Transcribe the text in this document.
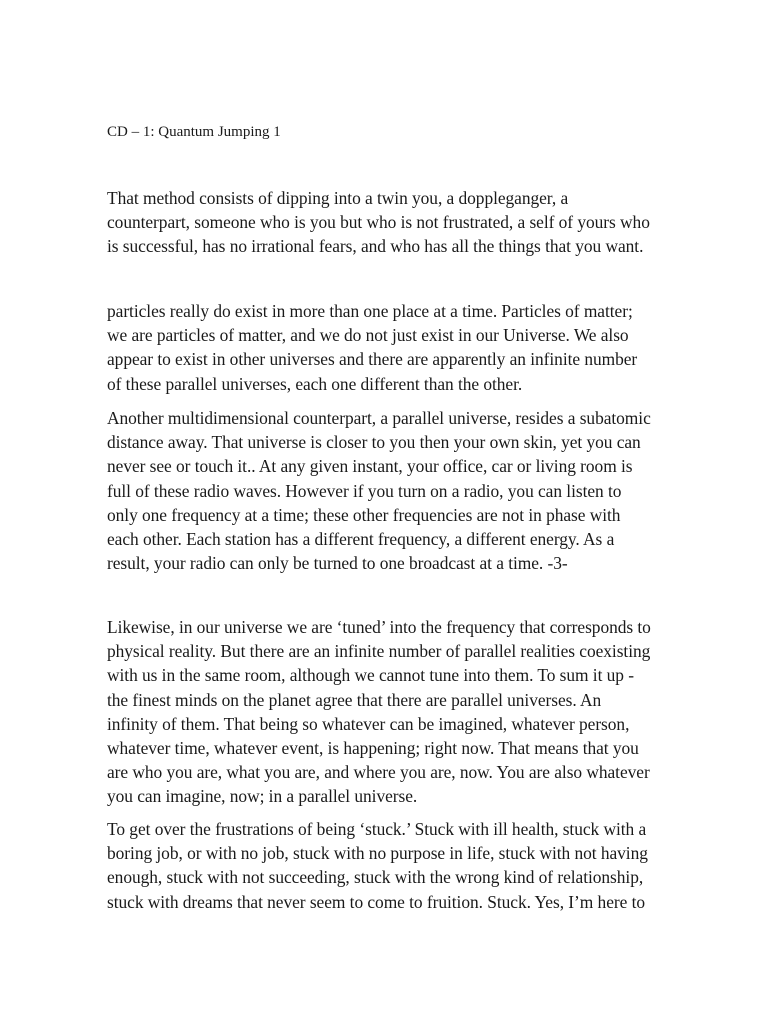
CD – 1: Quantum Jumping 1

That method consists of dipping into a twin you, a doppleganger, a
counterpart, someone who is you but who is not frustrated, a self of yours who
is successful, has no irrational fears, and who has all the things that you want.

particles really do exist in more than one place at a time. Particles of matter;
we are particles of matter, and we do not just exist in our Universe. We also
appear to exist in other universes and there are apparently an infinite number
of these parallel universes, each one different than the other.

Another multidimensional counterpart, a parallel universe, resides a subatomic
distance away. That universe is closer to you then your own skin, yet you can
never see or touch it.. At any given instant, your office, car or living room is
full of these radio waves. However if you turn on a radio, you can listen to
only one frequency at a time; these other frequencies are not in phase with
each other. Each station has a different frequency, a different energy. As a
result, your radio can only be turned to one broadcast at a time. -3-

Likewise, in our universe we are ‘tuned’ into the frequency that corresponds to
physical reality. But there are an infinite number of parallel realities coexisting
with us in the same room, although we cannot tune into them. To sum it up -
the finest minds on the planet agree that there are parallel universes. An
infinity of them. That being so whatever can be imagined, whatever person,
whatever time, whatever event, is happening; right now. That means that you
are who you are, what you are, and where you are, now. You are also whatever
you can imagine, now; in a parallel universe.

To get over the frustrations of being ‘stuck.’ Stuck with ill health, stuck with a
boring job, or with no job, stuck with no purpose in life, stuck with not having
enough, stuck with not succeeding, stuck with the wrong kind of relationship,
stuck with dreams that never seem to come to fruition. Stuck. Yes, I’m here to
